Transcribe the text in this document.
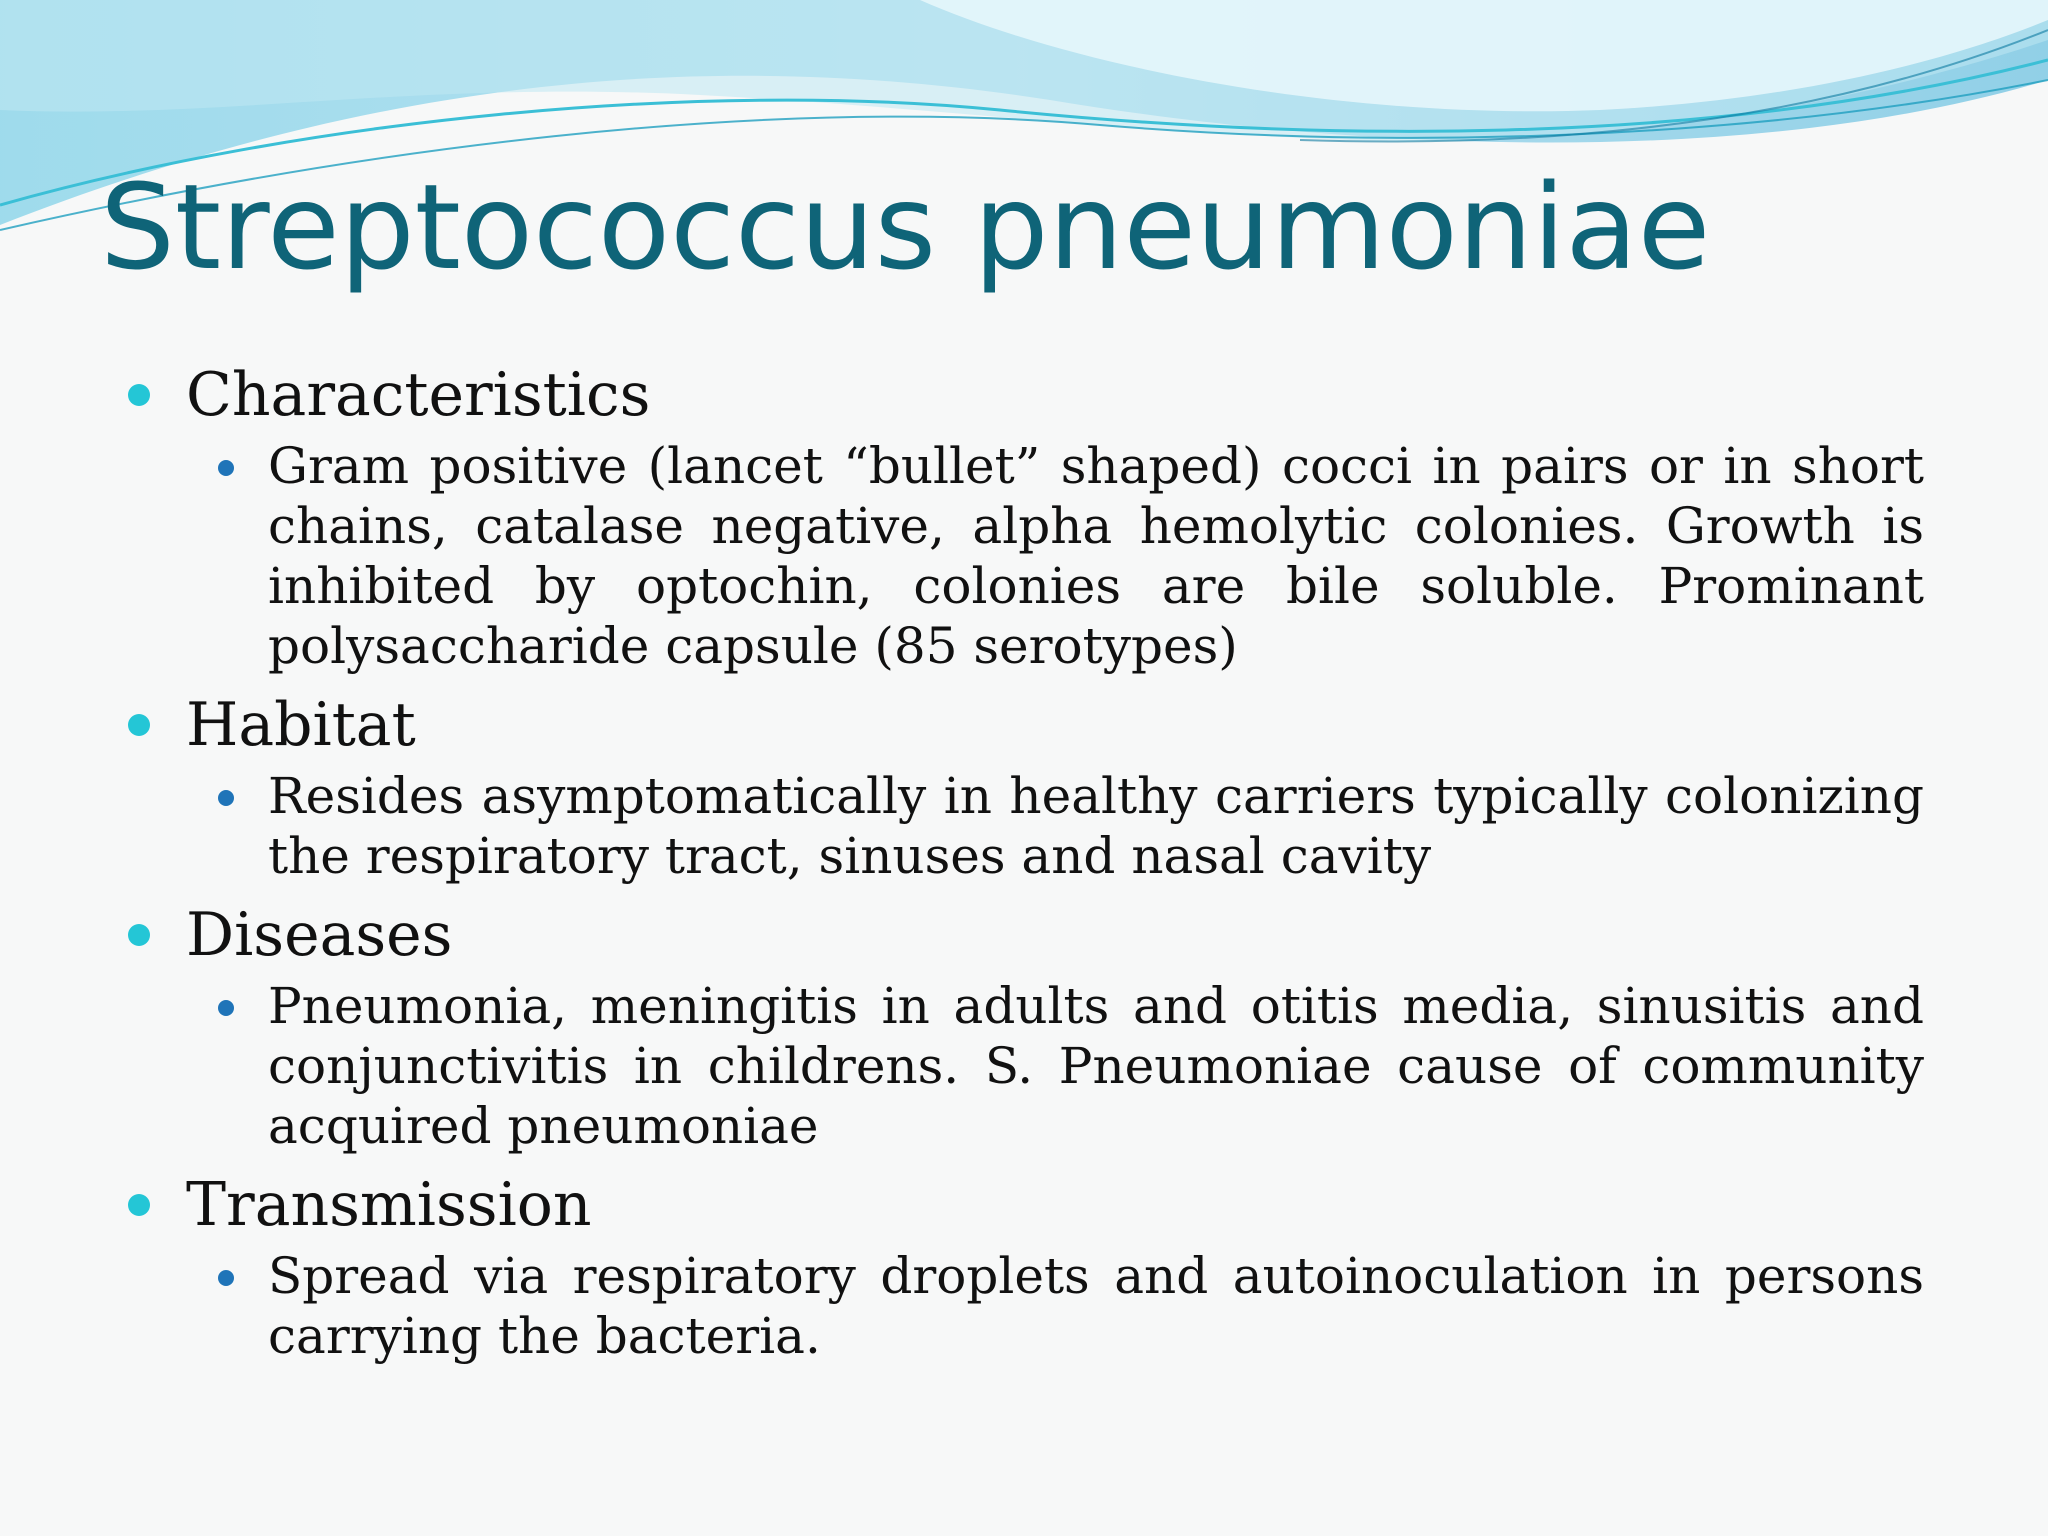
Streptococcus pneumoniae
Characteristics

Gram positive (lancet “bullet” shaped) cocci in pairs or in short chains, catalase negative, alpha hemolytic colonies. Growth is inhibited by optochin, colonies are bile soluble. Prominant polysaccharide capsule (85 serotypes)

Habitat

Resides asymptomatically in healthy carriers typically colonizing the respiratory tract, sinuses and nasal cavity

Diseases

Pneumonia, meningitis in adults and otitis media, sinusitis and conjunctivitis in childrens. S. Pneumoniae cause of community acquired pneumoniae

Transmission

Spread via respiratory droplets and autoinoculation in persons carrying the bacteria.
